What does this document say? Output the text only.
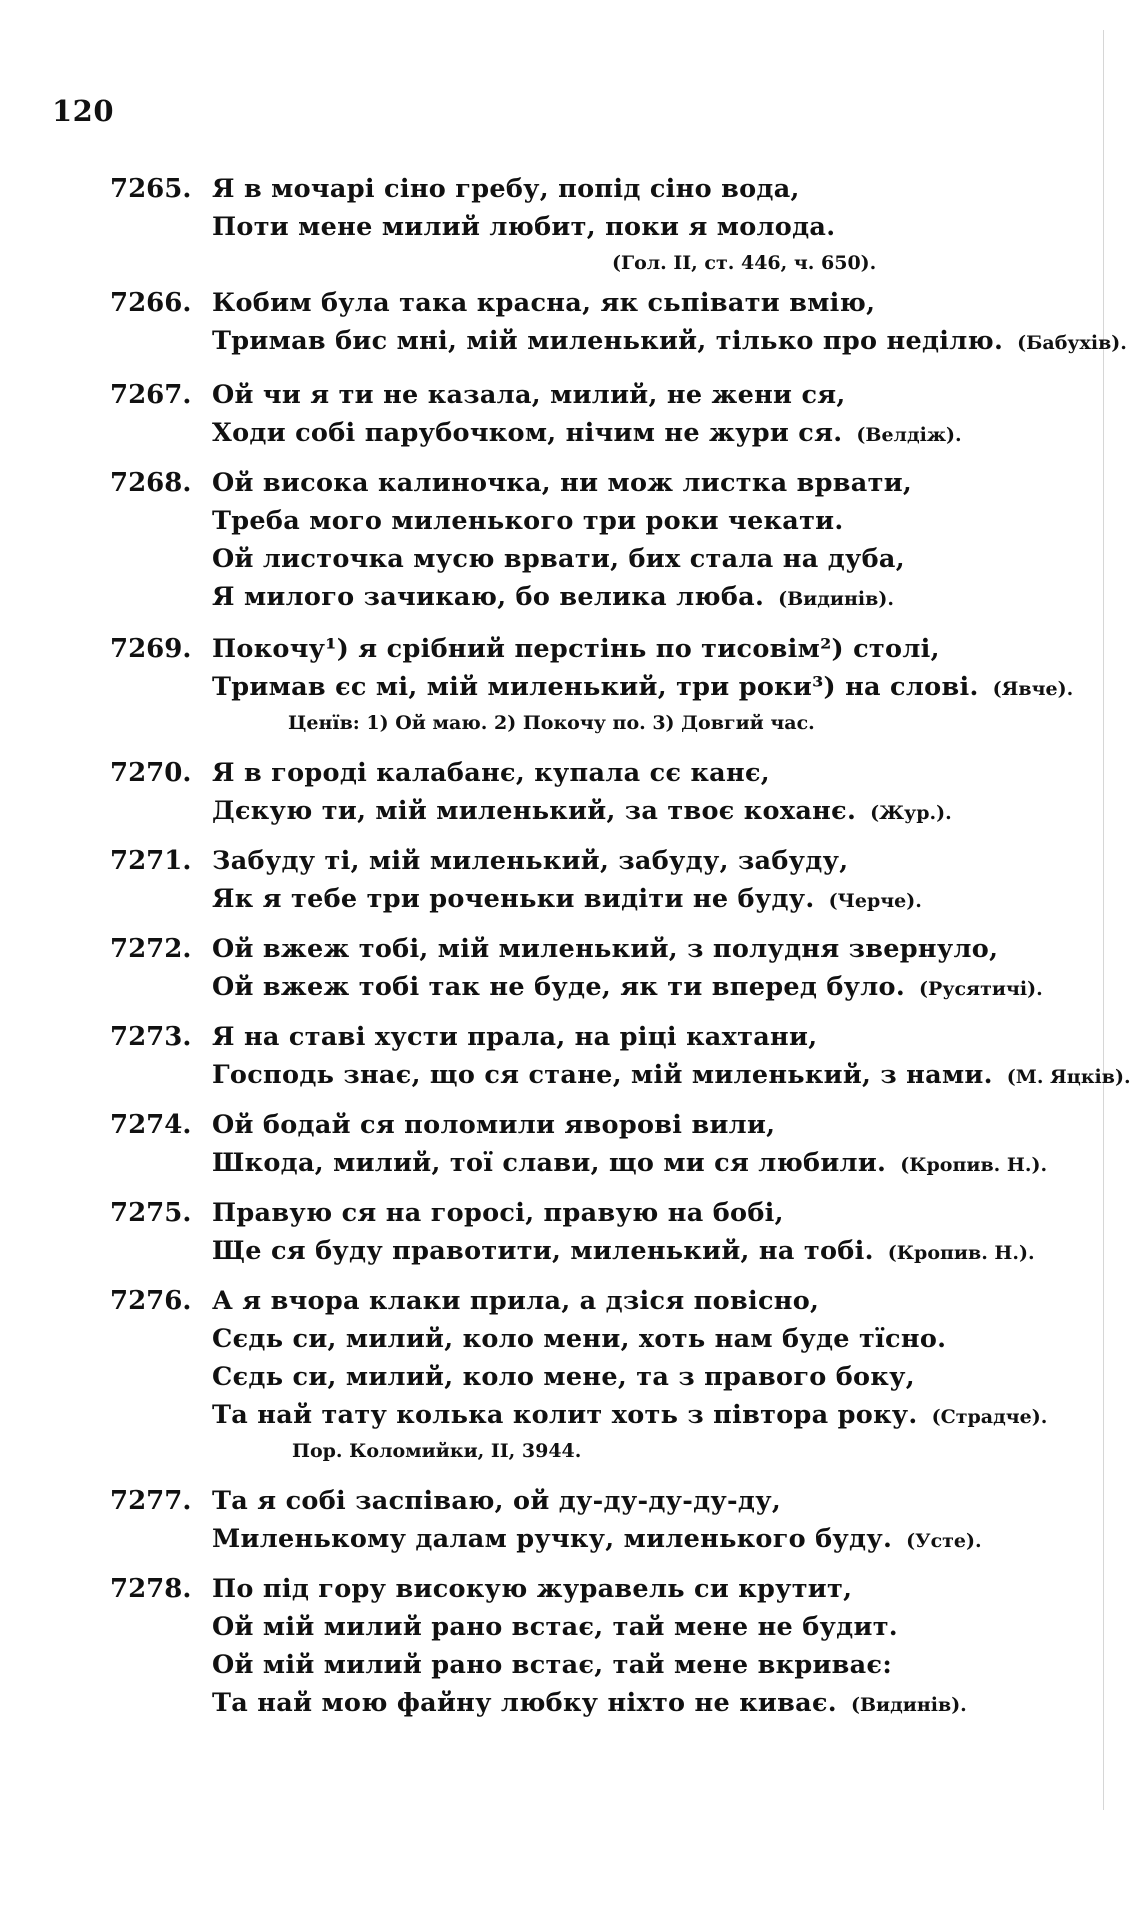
120
7265. Я в мочарі сіно гребу, попід сіно вода,
Поти мене милий любит, поки я молода.
(Гол. II, ст. 446, ч. 650).
7266. Кобим була така красна, як сьпівати вмію,
Тримав бис мні, мій миленький, тілько про неділю. (Бабухів).
7267. Ой чи я ти не казала, милий, не жени ся,
Ходи собі парубочком, нічим не жури ся. (Велдіж).
7268. Ой висока калиночка, ни мож листка врвати,
Треба мого миленького три роки чекати.
Ой листочка мусю врвати, бих стала на дуба,
Я милого зачикаю, бо велика люба. (Видинів).
7269. Покочу¹) я срібний перстінь по тисовім²) столі,
Тримав єс мі, мій миленький, три роки³) на слові. (Явче).
Ценїв: 1) Ой маю. 2) Покочу по. 3) Довгий час.
7270. Я в городі калабанє, купала сє канє,
Дєкую ти, мій миленький, за твоє коханє. (Жур.).
7271. Забуду ті, мій миленький, забуду, забуду,
Як я тебе три роченьки видіти не буду. (Черче).
7272. Ой вжеж тобі, мій миленький, з полудня звернуло,
Ой вжеж тобі так не буде, як ти вперед було. (Русятичі).
7273. Я на ставі хусти прала, на ріці кахтани,
Господь знає, що ся стане, мій миленький, з нами. (М. Яцків).
7274. Ой бодай ся поломили яворові вили,
Шкода, милий, тої слави, що ми ся любили. (Кропив. Н.).
7275. Правую ся на горосі, правую на бобі,
Ще ся буду правотити, миленький, на тобі. (Кропив. Н.).
7276. А я вчора клаки прила, а дзіся повісно,
Сєдь си, милий, коло мени, хоть нам буде тїсно.
Сєдь си, милий, коло мене, та з правого боку,
Та най тату колька колит хоть з півтора року. (Страдче).
Пор. Коломийки, II, 3944.
7277. Та я собі заспіваю, ой ду-ду-ду-ду-ду,
Миленькому далам ручку, миленького буду. (Усте).
7278. По під гору високую журавель си крутит,
Ой мій милий рано встає, тай мене не будит.
Ой мій милий рано встає, тай мене вкриває:
Та най мою файну любку ніхто не киває. (Видинів).
